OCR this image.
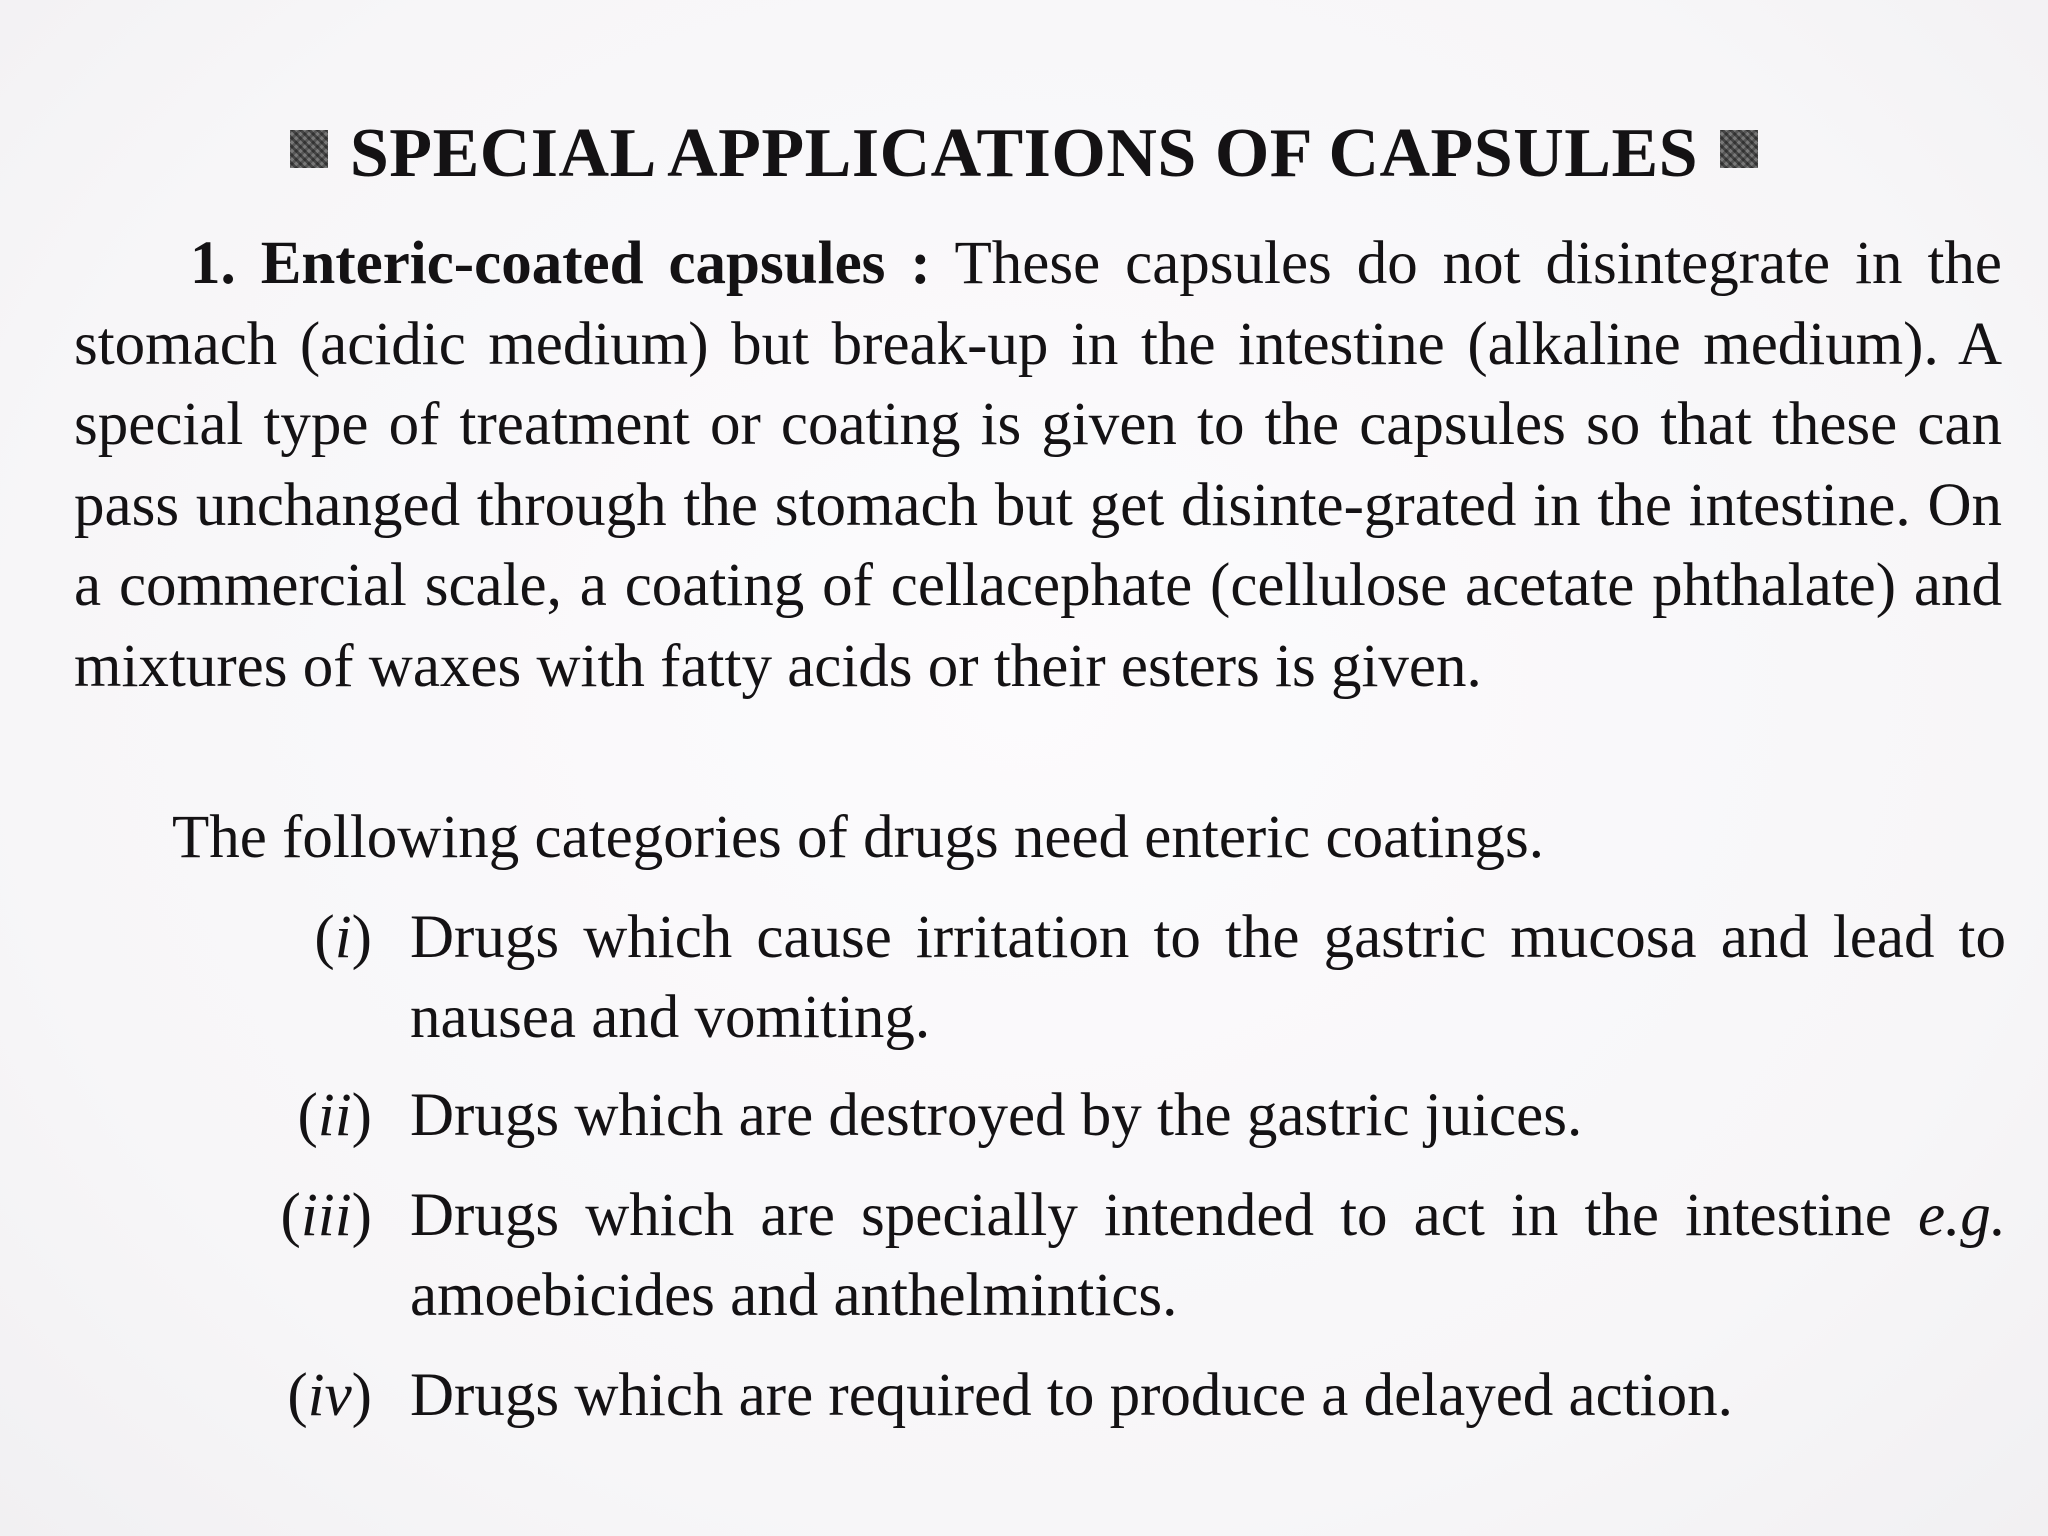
SPECIAL APPLICATIONS OF CAPSULES
1. Enteric-coated capsules : These capsules do not disintegrate in the stomach (acidic medium) but break-up in the intestine (alkaline medium). A special type of treatment or coating is given to the capsules so that these can pass unchanged through the stomach but get disinte-grated in the intestine. On a commercial scale, a coating of cellacephate (cellulose acetate phthalate) and mixtures of waxes with fatty acids or their esters is given.
The following categories of drugs need enteric coatings.
(i) Drugs which cause irritation to the gastric mucosa and lead to nausea and vomiting.
(ii) Drugs which are destroyed by the gastric juices.
(iii) Drugs which are specially intended to act in the intestine e.g. amoebicides and anthelmintics.
(iv) Drugs which are required to produce a delayed action.
